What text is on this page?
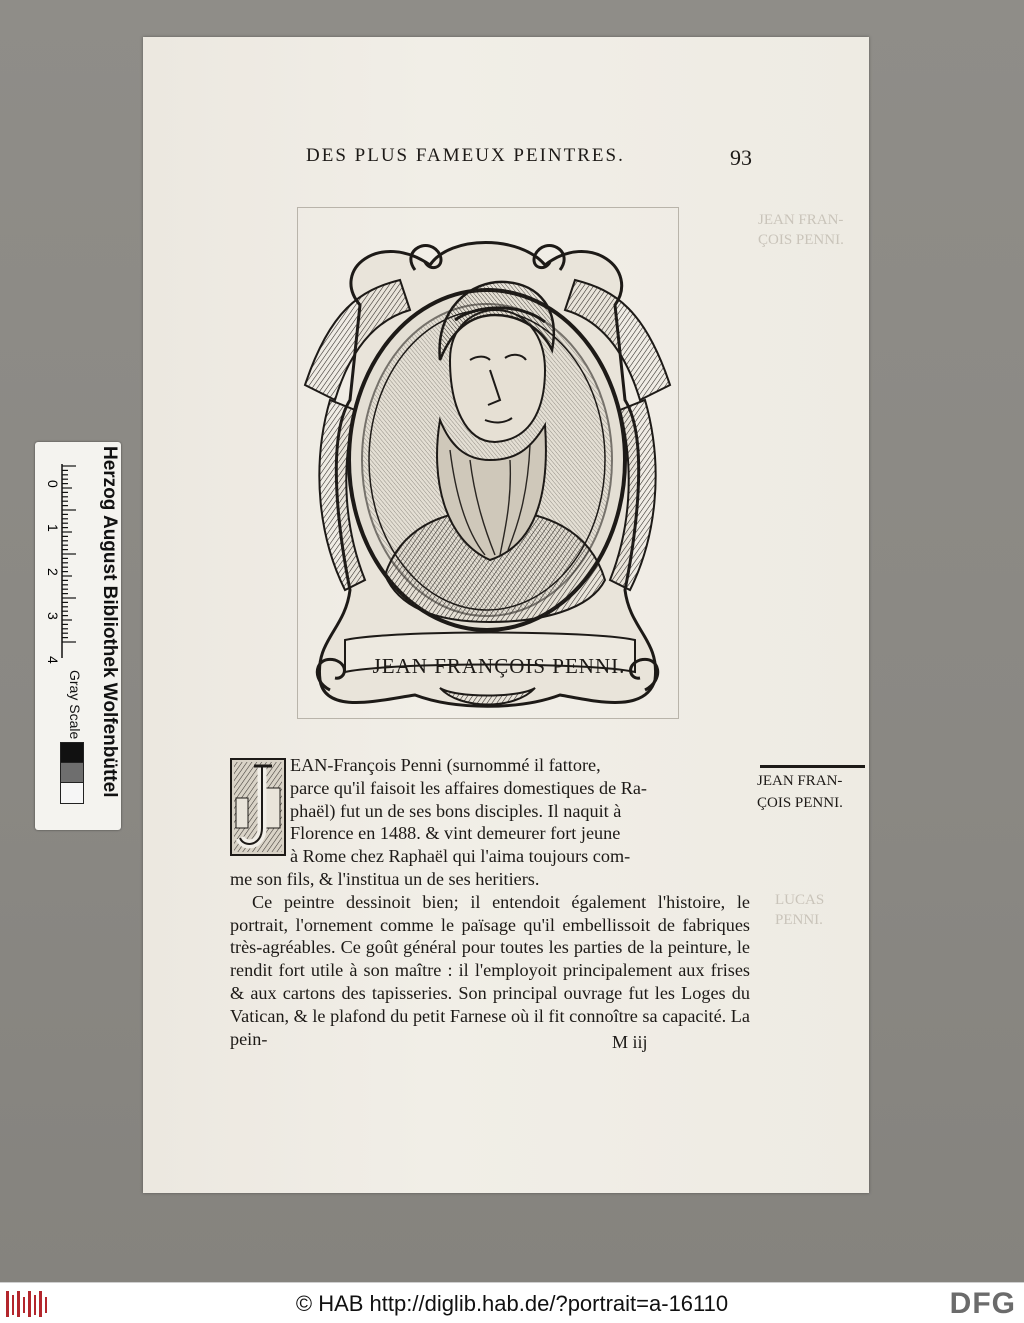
JEAN FRAN-
ÇOIS PENNI.
LUCAS
PENNI.
DES PLUS FAMEUX PEINTRES.	93
JEAN FRANÇOIS PENNI.
EAN-François Penni (surnommé il fattore,
parce qu'il faisoit les affaires domestiques de Ra-
phaël) fut un de ses bons disciples. Il naquit à
Florence en 1488. & vint demeurer fort jeune
à Rome chez Raphaël qui l'aima toujours com-
me son fils, & l'institua un de ses heritiers.

Ce peintre dessinoit bien; il entendoit également l'histoire, le portrait, l'ornement comme le païsage qu'il embellissoit de fabriques très-agréables. Ce goût général pour toutes les parties de la peinture, le rendit fort utile à son maître : il l'employoit principalement aux frises & aux cartons des tapisseries. Son principal ouvrage fut les Loges du Vatican, & le plafond du petit Farnese où il fit connoître sa capacité. La pein-	M iij
JEAN FRAN-
ÇOIS PENNI.
Herzog August Bibliothek Wolfenbüttel
0
1
2
3
4
Gray Scale
© HAB http://diglib.hab.de/?portrait=a-16110	DFG
